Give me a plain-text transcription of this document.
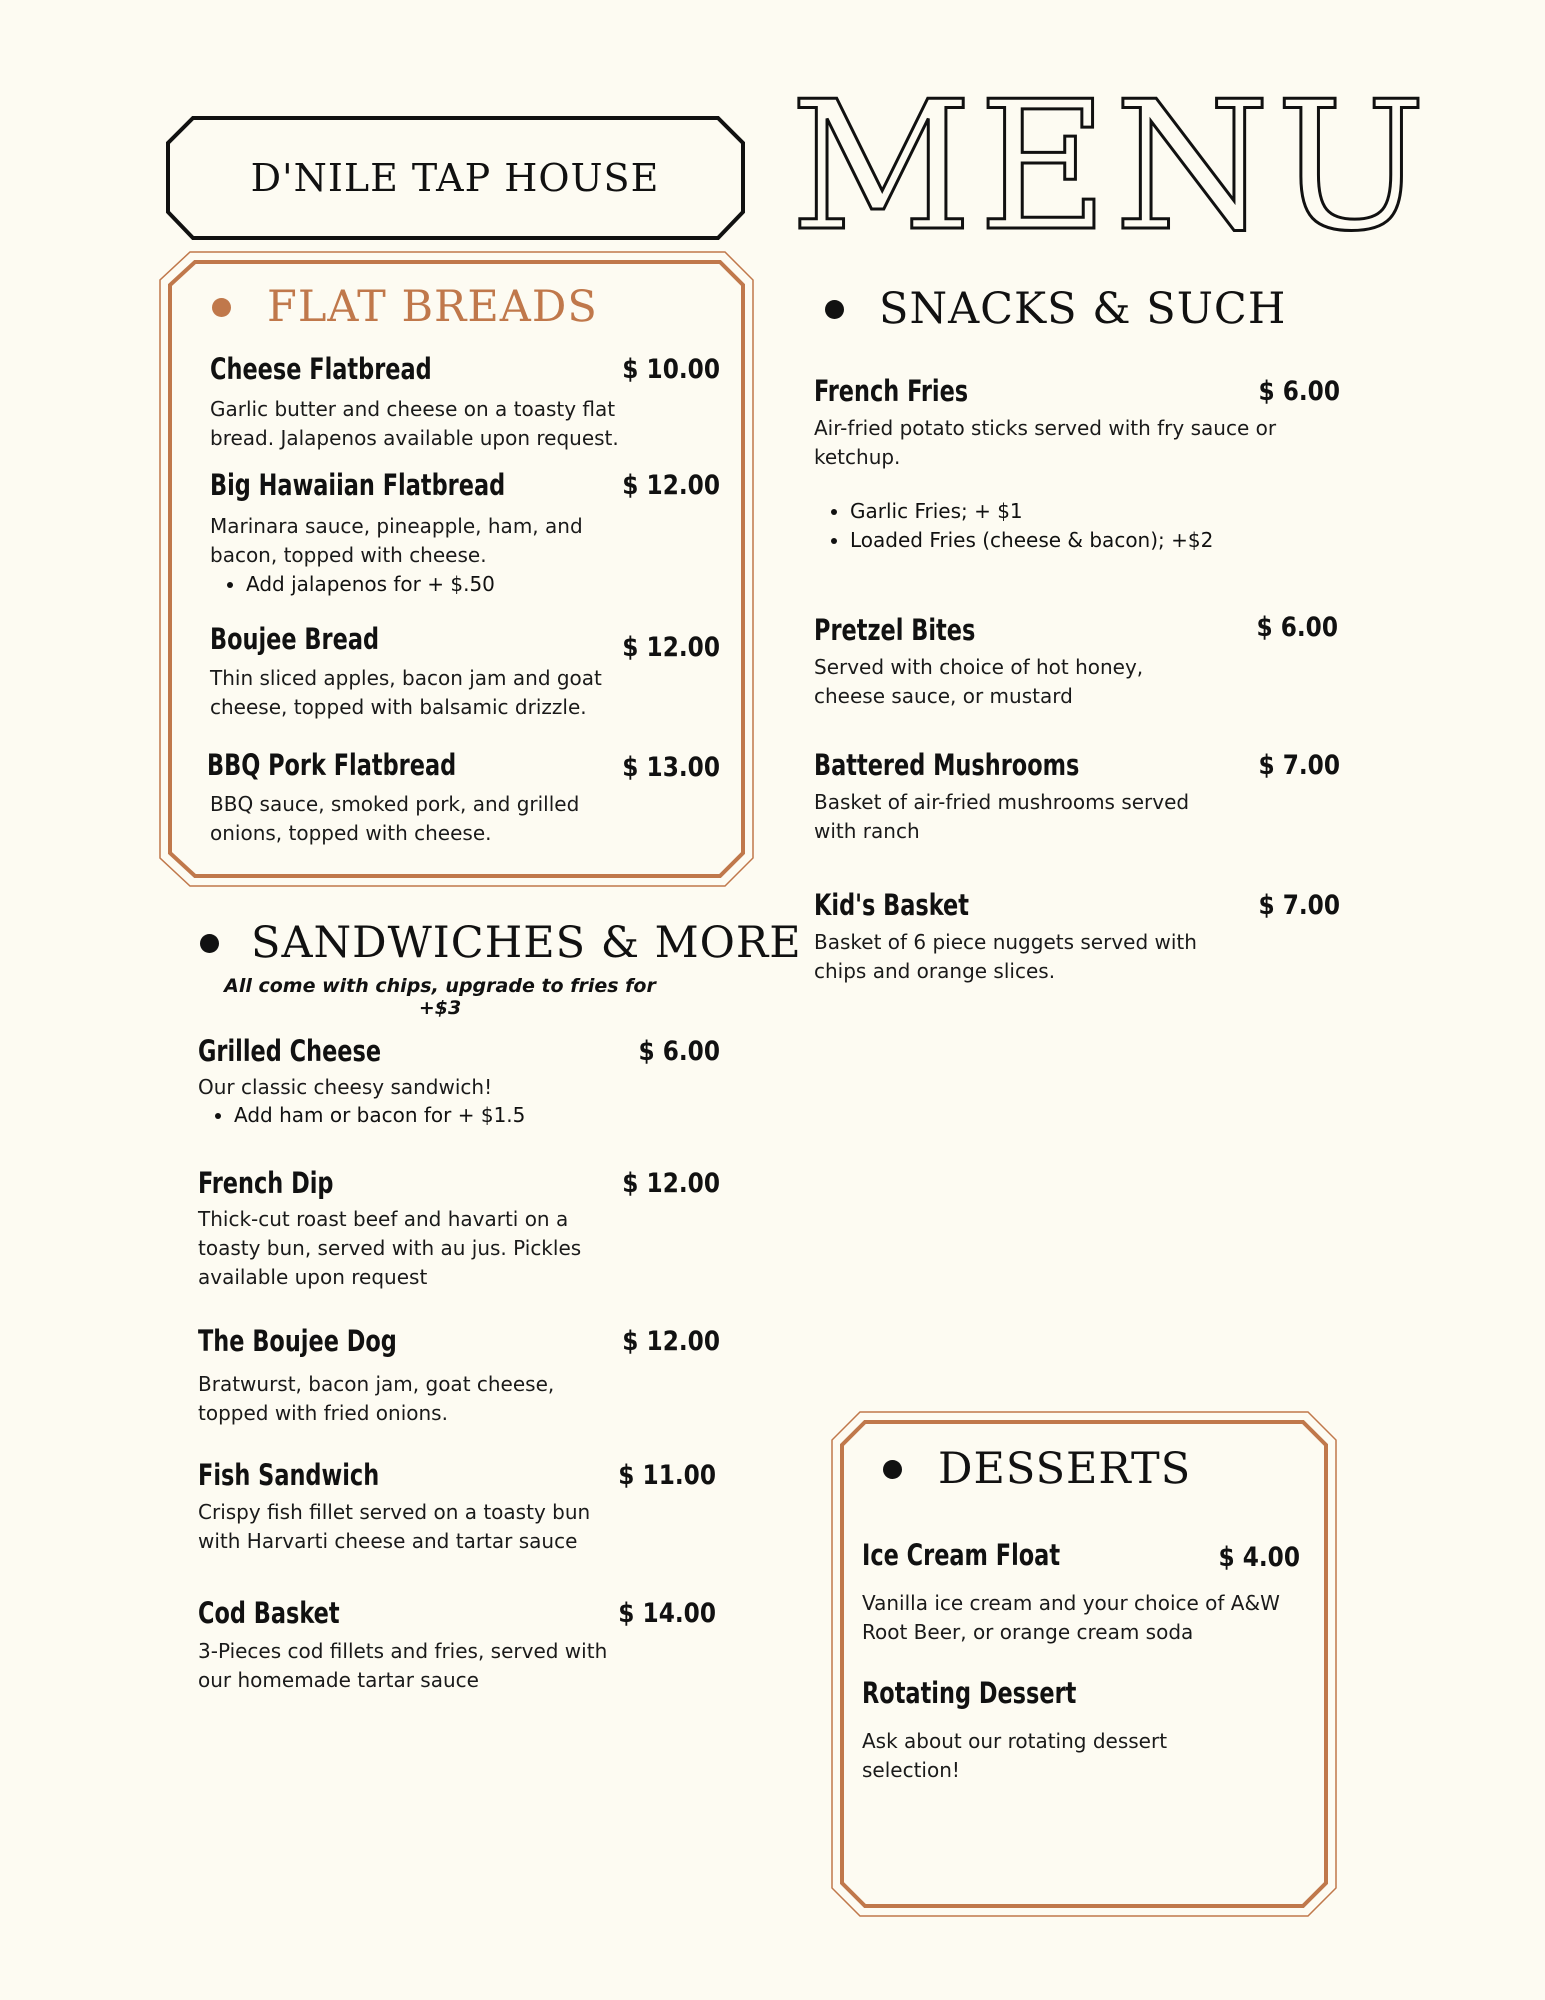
D'NILE TAP HOUSE MENU
FLAT BREADS
Cheese Flatbread	$ 10.00
Garlic butter and cheese on a toasty flat bread. Jalapenos available upon request.
Big Hawaiian Flatbread	$ 12.00
Marinara sauce, pineapple, ham, and bacon, topped with cheese.
• Add jalapenos for + $.50
Boujee Bread	$ 12.00
Thin sliced apples, bacon jam and goat cheese, topped with balsamic drizzle.
BBQ Pork Flatbread	$ 13.00
BBQ sauce, smoked pork, and grilled onions, topped with cheese.
SANDWICHES & MORE
All come with chips, upgrade to fries for +$3
Grilled Cheese	$ 6.00
Our classic cheesy sandwich!
• Add ham or bacon for + $1.5
French Dip	$ 12.00
Thick-cut roast beef and havarti on a toasty bun, served with au jus. Pickles available upon request
The Boujee Dog	$ 12.00
Bratwurst, bacon jam, goat cheese, topped with fried onions.
Fish Sandwich	$ 11.00
Crispy fish fillet served on a toasty bun with Harvarti cheese and tartar sauce
Cod Basket	$ 14.00
3-Pieces cod fillets and fries, served with our homemade tartar sauce
SNACKS & SUCH
French Fries	$ 6.00
Air-fried potato sticks served with fry sauce or ketchup.
• Garlic Fries; + $1
• Loaded Fries (cheese & bacon); +$2
Pretzel Bites	$ 6.00
Served with choice of hot honey, cheese sauce, or mustard
Battered Mushrooms	$ 7.00
Basket of air-fried mushrooms served with ranch
Kid's Basket	$ 7.00
Basket of 6 piece nuggets served with chips and orange slices.
DESSERTS
Ice Cream Float	$ 4.00
Vanilla ice cream and your choice of A&W Root Beer, or orange cream soda
Rotating Dessert
Ask about our rotating dessert selection!
